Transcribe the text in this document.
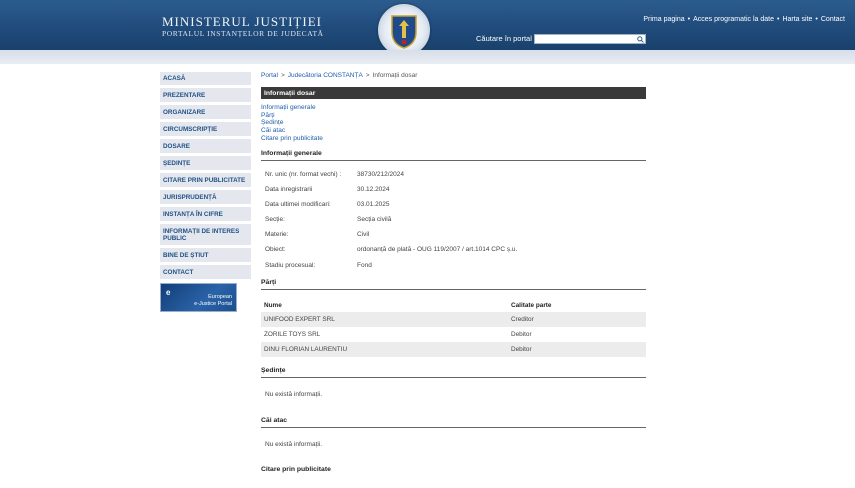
MINISTERUL JUSTIȚIEI
PORTALUL INSTANȚELOR DE JUDECATĂ
Prima pagina • Acces programatic la date • Harta site • Contact
Căutare în portal
ACASĂ
PREZENTARE
ORGANIZARE
CIRCUMSCRIPȚIE
DOSARE
ȘEDINȚE
CITARE PRIN PUBLICITATE
JURISPRUDENȚĂ
INSTANȚA ÎN CIFRE
INFORMAȚII DE INTERES PUBLIC
BINE DE ȘTIUT
CONTACT
e	European
e-Justice Portal
Portal > Judecătoria CONSTANȚA > Informații dosar
Informații dosar
Informații generale
Părți
Ședințe
Căi atac
Citare prin publicitate
Informații generale
Nr. unic (nr. format vechi) :	38730/212/2024
Data inregistrarii	30.12.2024
Data ultimei modificari:	03.01.2025
Secție:	Secția civilă
Materie:	Civil
Obiect:	ordonanță de plată - OUG 119/2007 / art.1014 CPC ș.u.
Stadiu procesual:	Fond
Părți
Nume	Calitate parte
UNIFOOD EXPERT SRL	Creditor
ZORILE TOYS SRL	Debitor
DINU FLORIAN LAURENTIU	Debitor
Ședințe
Nu există informații.
Căi atac
Nu există informații.
Citare prin publicitate
